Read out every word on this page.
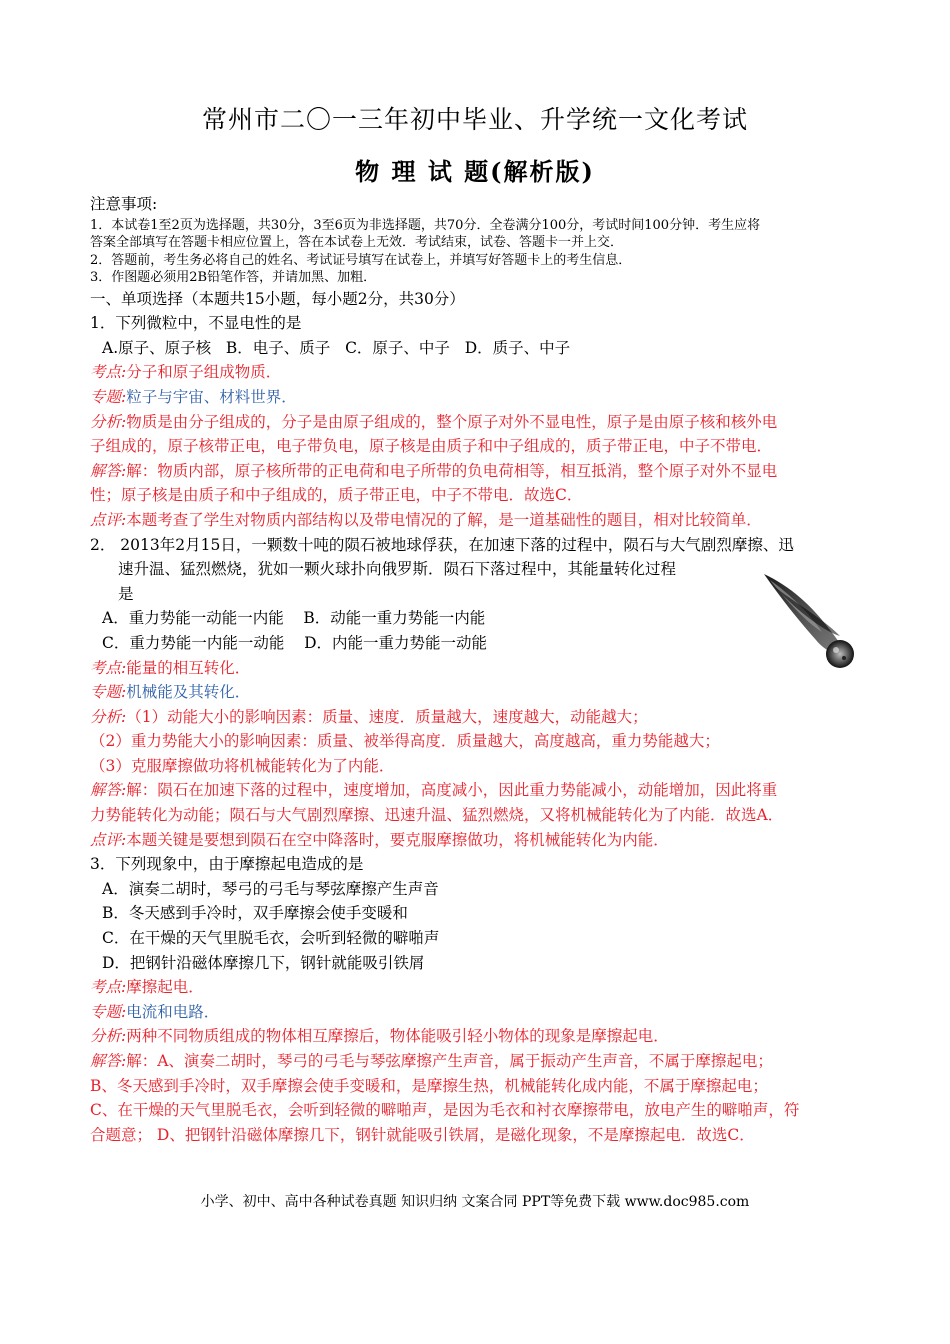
常州市二〇一三年初中毕业、升学统一文化考试
物 理 试 题(解析版)
注意事项:
1．本试卷1至2页为选择题，共30分，3至6页为非选择题，共70分．全卷满分100分，考试时间100分钟．考生应将
答案全部填写在答题卡相应位置上，答在本试卷上无效．考试结束，试卷、答题卡一并上交．
2．答题前，考生务必将自己的姓名、考试证号填写在试卷上，并填写好答题卡上的考生信息．
3．作图题必须用2B铅笔作答，并请加黑、加粗．
一、单项选择（本题共15小题，每小题2分，共30分）
1．下列微粒中，不显电性的是
A.原子、原子核   B．电子、质子   C．原子、中子   D．质子、中子
考点:分子和原子组成物质．
专题:粒子与宇宙、材料世界．
分析:物质是由分子组成的，分子是由原子组成的，整个原子对外不显电性，原子是由原子核和核外电
子组成的，原子核带正电，电子带负电，原子核是由质子和中子组成的，质子带正电，中子不带电．
解答:解：物质内部，原子核所带的正电荷和电子所带的负电荷相等，相互抵消，整个原子对外不显电
性；原子核是由质子和中子组成的，质子带正电，中子不带电．故选C．
点评:本题考查了学生对物质内部结构以及带电情况的了解，是一道基础性的题目，相对比较简单．
2． 2013年2月15日，一颗数十吨的陨石被地球俘获，在加速下落的过程中，陨石与大气剧烈摩擦、迅
速升温、猛烈燃烧，犹如一颗火球扑向俄罗斯．陨石下落过程中，其能量转化过程
是
A．重力势能一动能一内能    B．动能一重力势能一内能
C．重力势能一内能一动能    D．内能一重力势能一动能
考点:能量的相互转化．
专题:机械能及其转化．
分析:（1）动能大小的影响因素：质量、速度．质量越大，速度越大，动能越大；
（2）重力势能大小的影响因素：质量、被举得高度．质量越大，高度越高，重力势能越大；
（3）克服摩擦做功将机械能转化为了内能．
解答:解：陨石在加速下落的过程中，速度增加，高度减小，因此重力势能减小，动能增加，因此将重
力势能转化为动能；陨石与大气剧烈摩擦、迅速升温、猛烈燃烧，又将机械能转化为了内能．故选A．
点评:本题关键是要想到陨石在空中降落时，要克服摩擦做功，将机械能转化为内能．
3．下列现象中，由于摩擦起电造成的是
A．演奏二胡时，琴弓的弓毛与琴弦摩擦产生声音
B．冬天感到手冷时，双手摩擦会使手变暖和
C．在干燥的天气里脱毛衣，会听到轻微的噼啪声
D．把钢针沿磁体摩擦几下，钢针就能吸引铁屑
考点:摩擦起电．
专题:电流和电路．
分析:两种不同物质组成的物体相互摩擦后，物体能吸引轻小物体的现象是摩擦起电．
解答:解：A、演奏二胡时，琴弓的弓毛与琴弦摩擦产生声音，属于振动产生声音，不属于摩擦起电；
B、冬天感到手冷时，双手摩擦会使手变暖和，是摩擦生热，机械能转化成内能，不属于摩擦起电；
C、在干燥的天气里脱毛衣，会听到轻微的噼啪声，是因为毛衣和衬衣摩擦带电，放电产生的噼啪声，符
合题意； D、把钢针沿磁体摩擦几下，钢针就能吸引铁屑，是磁化现象，不是摩擦起电．故选C．
小学、初中、高中各种试卷真题 知识归纳 文案合同 PPT等免费下载 www.doc985.com
